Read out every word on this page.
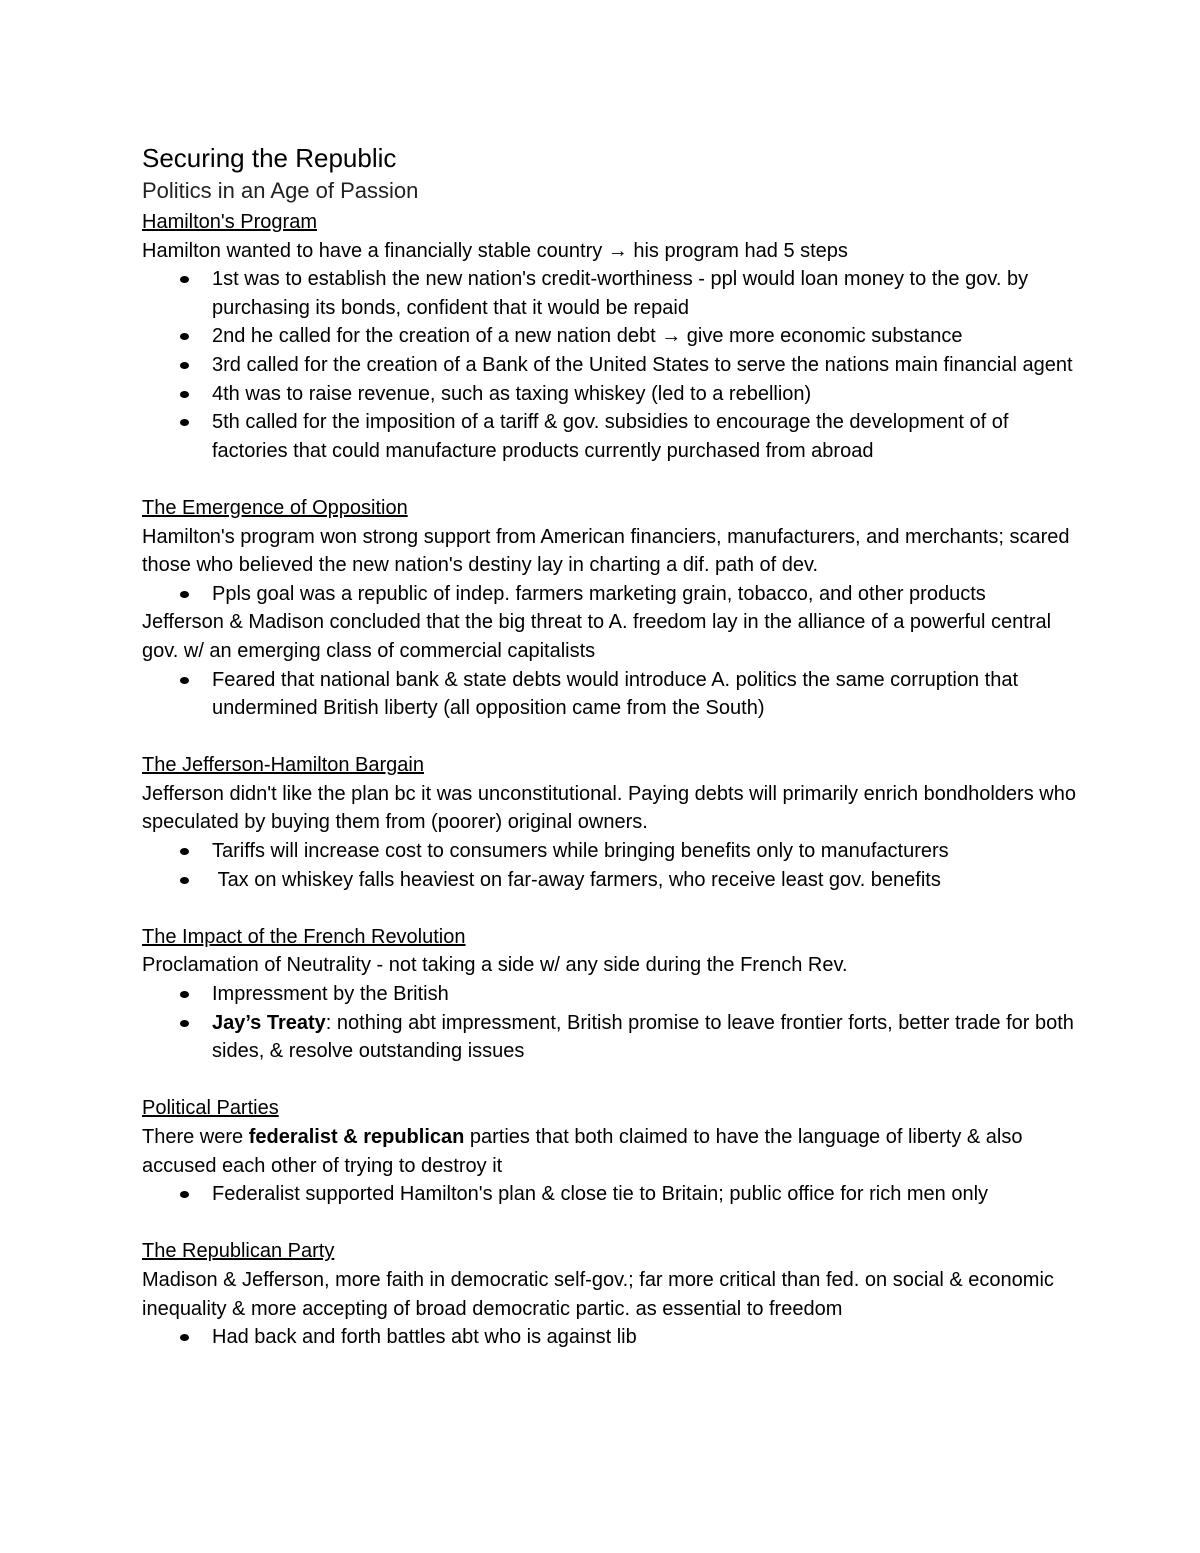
Securing the Republic
Politics in an Age of Passion
Hamilton's Program

Hamilton wanted to have a financially stable country → his program had 5 steps

1st was to establish the new nation's credit-worthiness - ppl would loan money to the gov. by purchasing its bonds, confident that it would be repaid
2nd he called for the creation of a new nation debt → give more economic substance
3rd called for the creation of a Bank of the United States to serve the nations main financial agent
4th was to raise revenue, such as taxing whiskey (led to a rebellion)
5th called for the imposition of a tariff & gov. subsidies to encourage the development of of factories that could manufacture products currently purchased from abroad
The Emergence of Opposition

Hamilton's program won strong support from American financiers, manufacturers, and merchants; scared those who believed the new nation's destiny lay in charting a dif. path of dev.

Ppls goal was a republic of indep. farmers marketing grain, tobacco, and other products

Jefferson & Madison concluded that the big threat to A. freedom lay in the alliance of a powerful central gov. w/ an emerging class of commercial capitalists

Feared that national bank & state debts would introduce A. politics the same corruption that undermined British liberty (all opposition came from the South)
The Jefferson-Hamilton Bargain

Jefferson didn't like the plan bc it was unconstitutional. Paying debts will primarily enrich bondholders who speculated by buying them from (poorer) original owners.

Tariffs will increase cost to consumers while bringing benefits only to manufacturers
Tax on whiskey falls heaviest on far-away farmers, who receive least gov. benefits
The Impact of the French Revolution

Proclamation of Neutrality - not taking a side w/ any side during the French Rev.

Impressment by the British
Jay’s Treaty: nothing abt impressment, British promise to leave frontier forts, better trade for both sides, & resolve outstanding issues
Political Parties

There were federalist & republican parties that both claimed to have the language of liberty & also accused each other of trying to destroy it

Federalist supported Hamilton's plan & close tie to Britain; public office for rich men only
The Republican Party

Madison & Jefferson, more faith in democratic self-gov.; far more critical than fed. on social & economic inequality & more accepting of broad democratic partic. as essential to freedom

Had back and forth battles abt who is against lib
